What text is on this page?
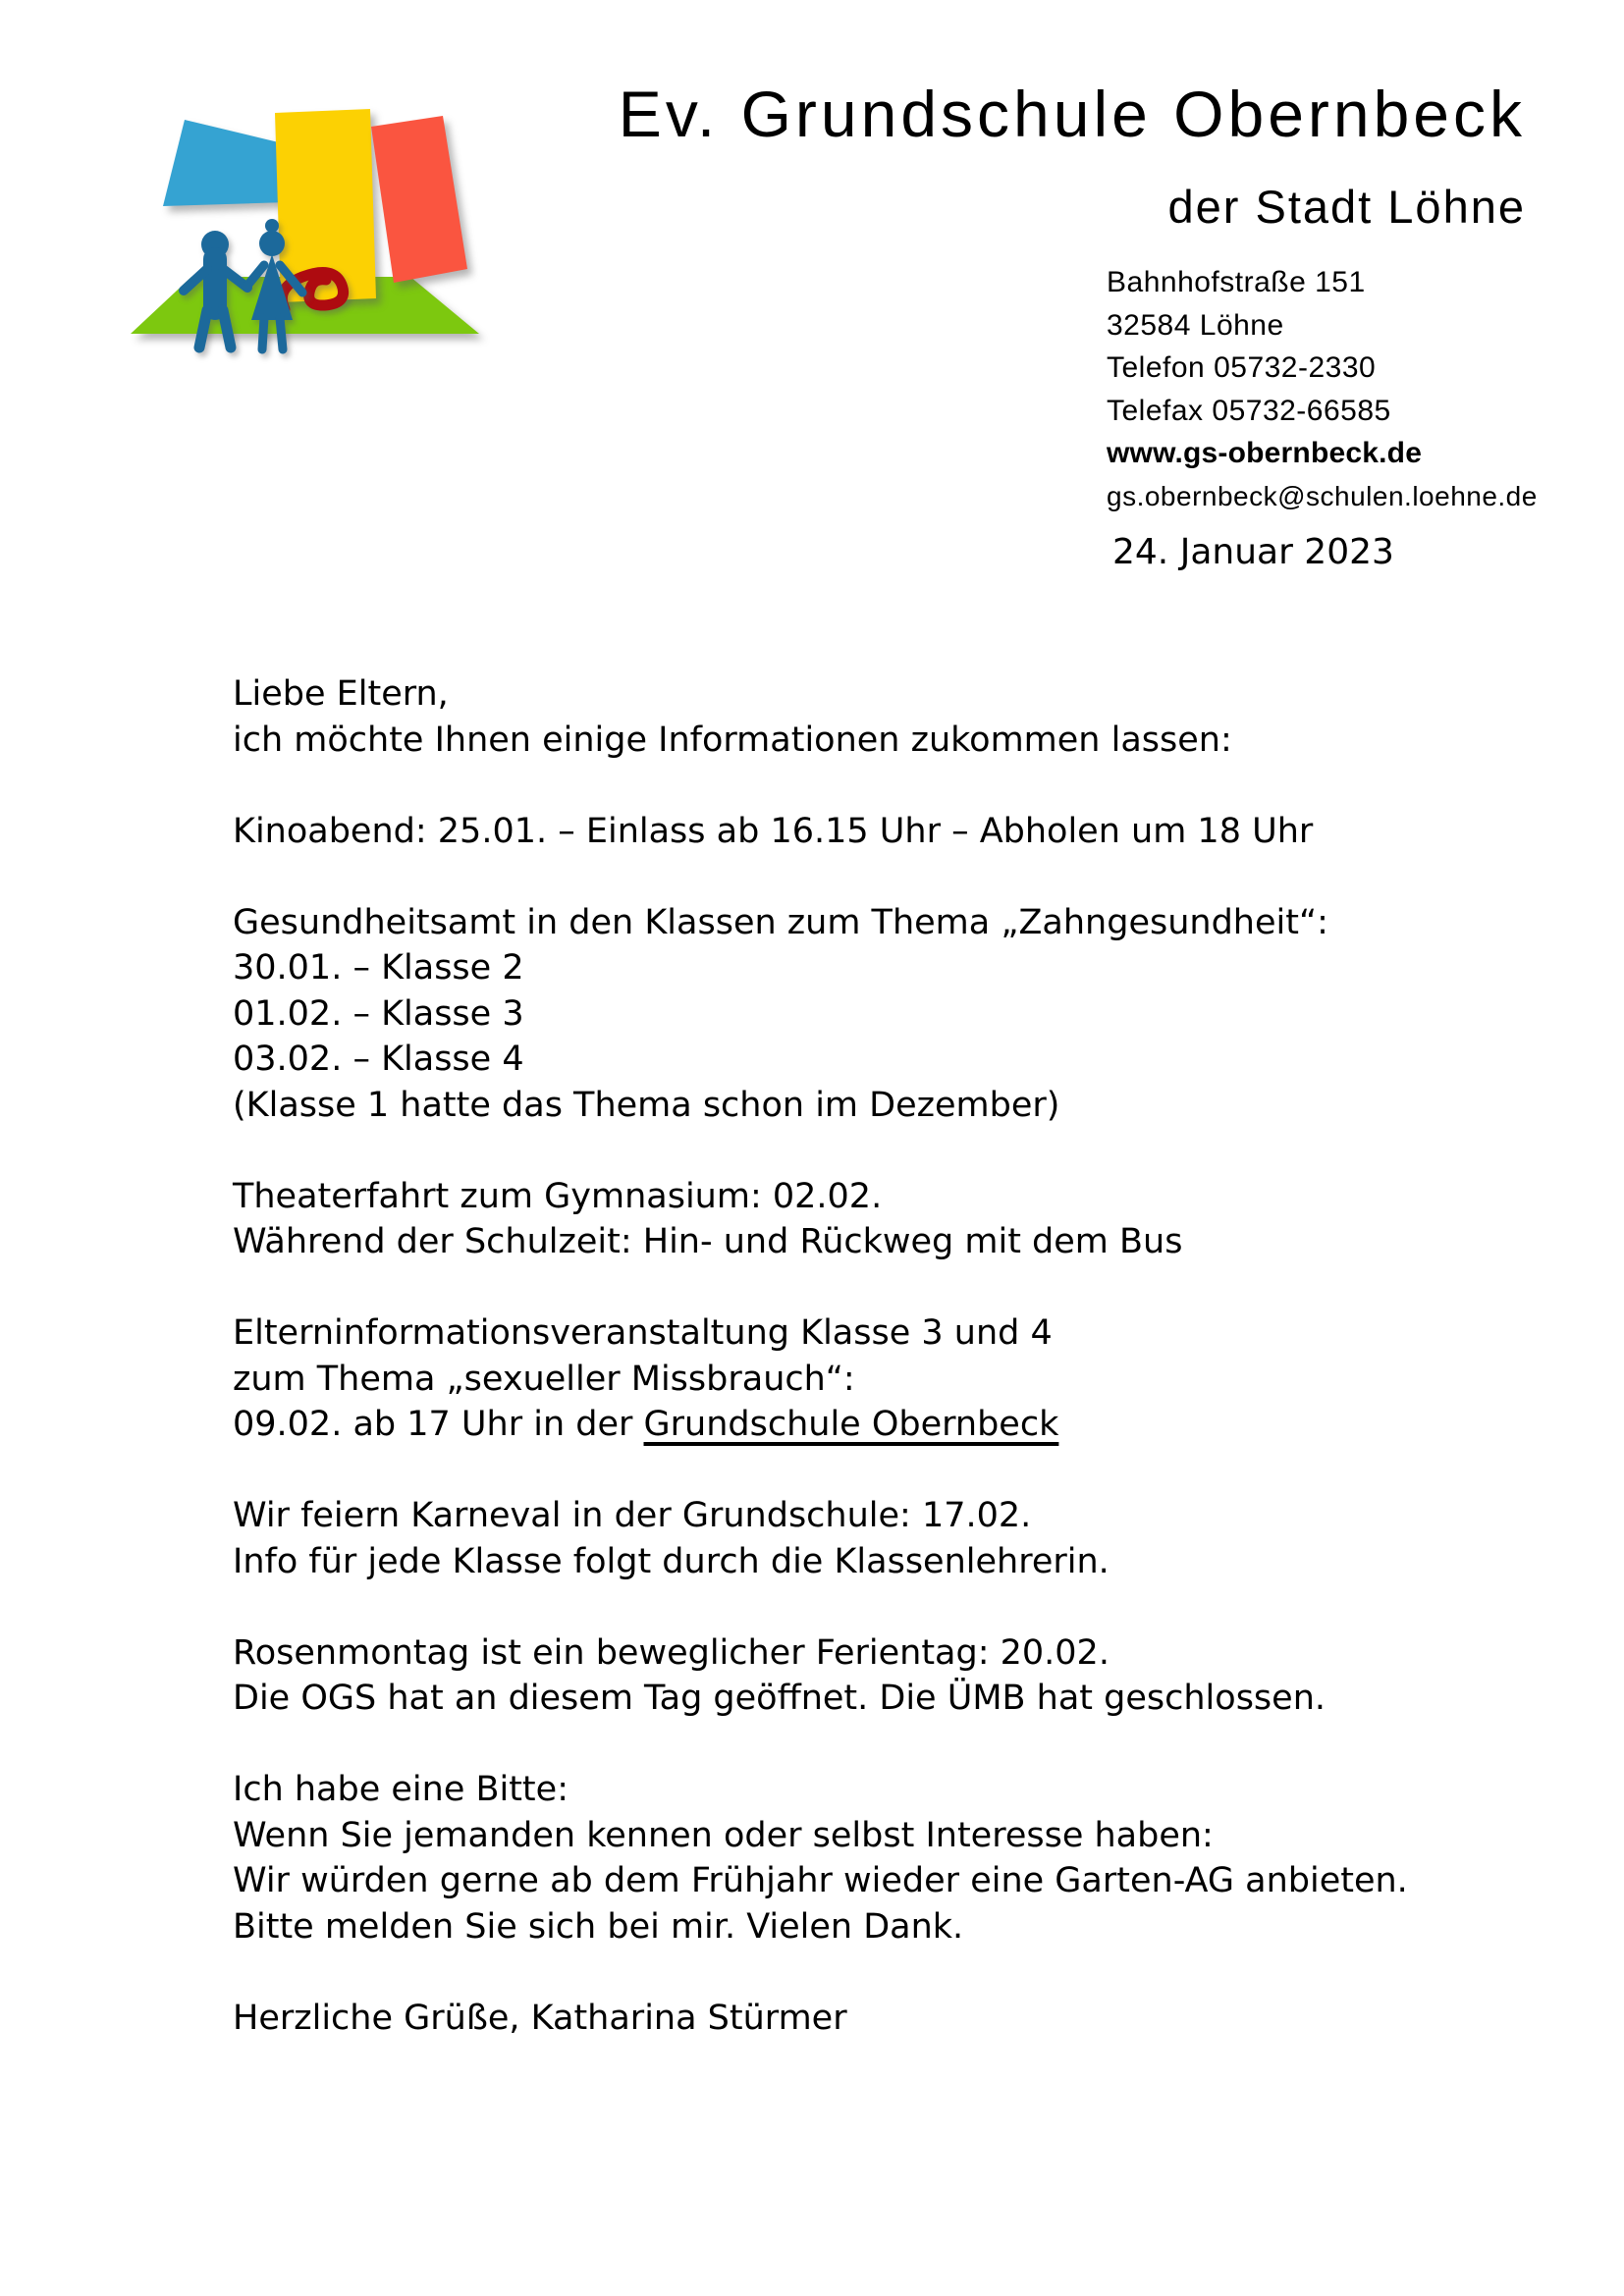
Ev. Grundschule Obernbeck
der Stadt Löhne
Bahnhofstraße 151
32584 Löhne
Telefon 05732-2330
Telefax 05732-66585
www.gs-obernbeck.de
gs.obernbeck@schulen.loehne.de
24. Januar 2023
Liebe Eltern,
ich möchte Ihnen einige Informationen zukommen lassen:

Kinoabend: 25.01. – Einlass ab 16.15 Uhr – Abholen um 18 Uhr

Gesundheitsamt in den Klassen zum Thema „Zahngesundheit“:
30.01. – Klasse 2
01.02. – Klasse 3
03.02. – Klasse 4
(Klasse 1 hatte das Thema schon im Dezember)

Theaterfahrt zum Gymnasium: 02.02.
Während der Schulzeit: Hin- und Rückweg mit dem Bus

Elterninformationsveranstaltung Klasse 3 und 4
zum Thema „sexueller Missbrauch“:
09.02. ab 17 Uhr in der Grundschule Obernbeck

Wir feiern Karneval in der Grundschule: 17.02.
Info für jede Klasse folgt durch die Klassenlehrerin.

Rosenmontag ist ein beweglicher Ferientag: 20.02.
Die OGS hat an diesem Tag geöffnet. Die ÜMB hat geschlossen.

Ich habe eine Bitte:
Wenn Sie jemanden kennen oder selbst Interesse haben:
Wir würden gerne ab dem Frühjahr wieder eine Garten-AG anbieten.
Bitte melden Sie sich bei mir. Vielen Dank.

Herzliche Grüße, Katharina Stürmer
